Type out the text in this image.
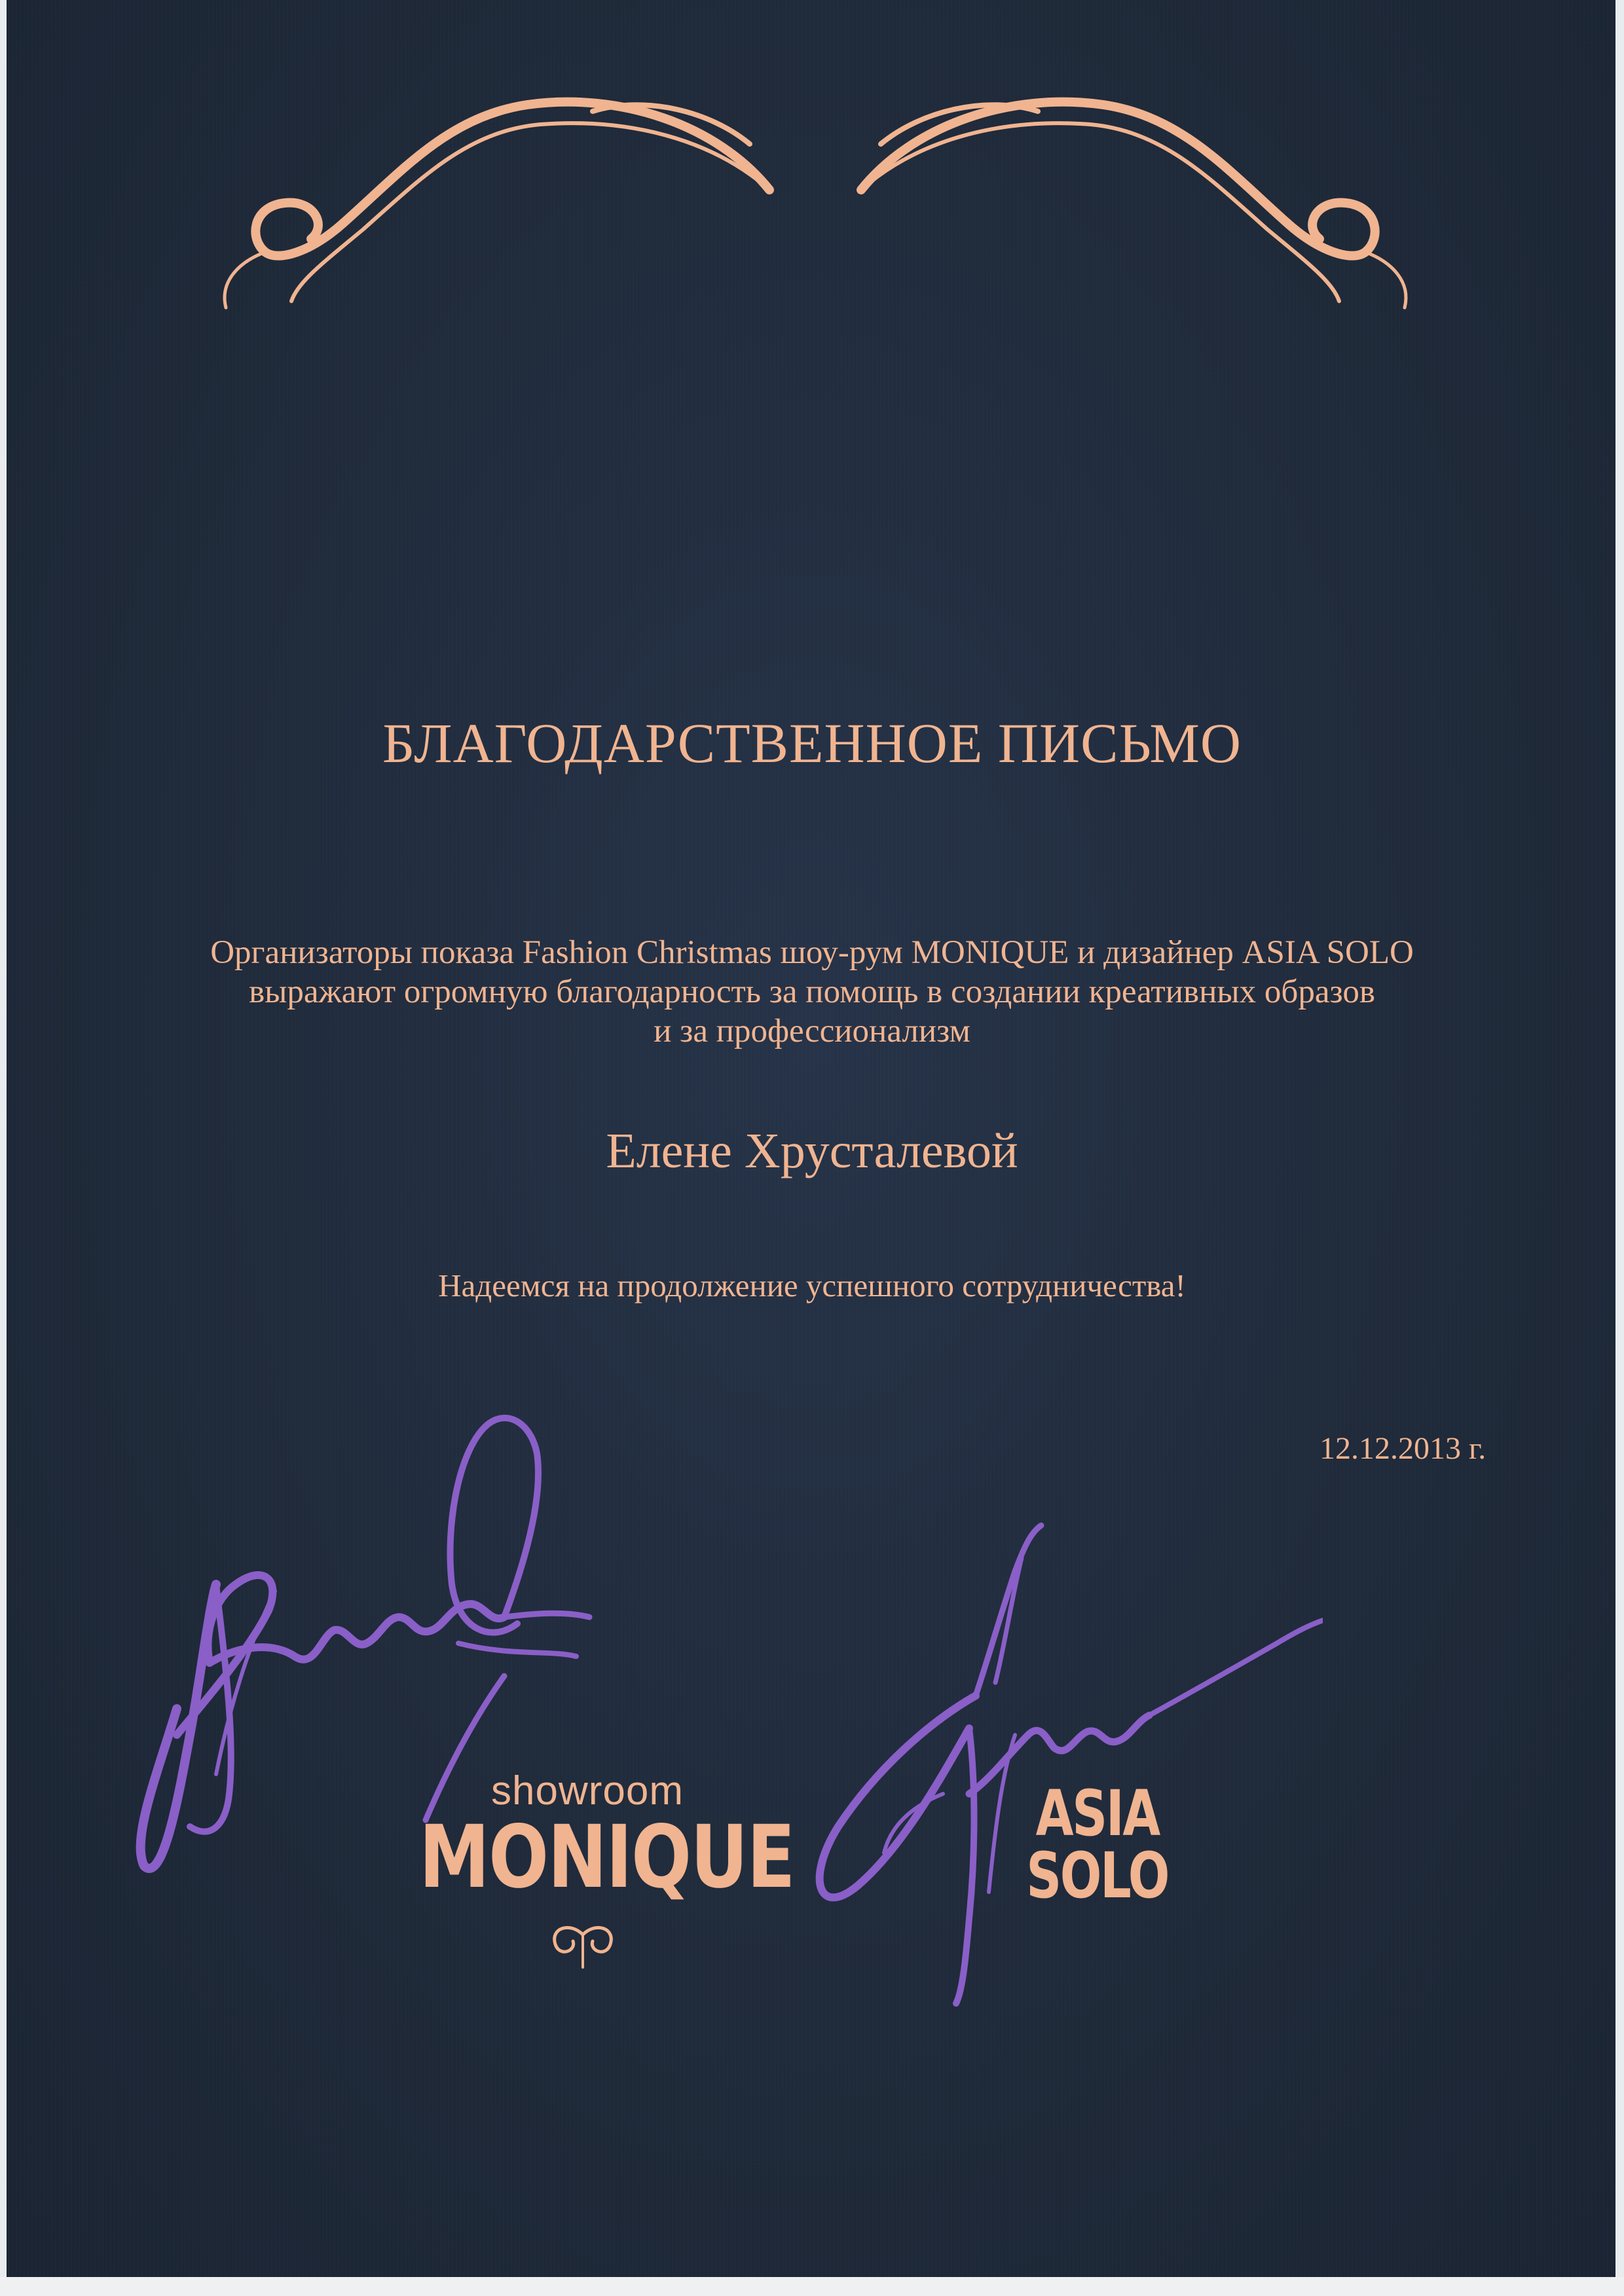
БЛАГОДАРСТВЕННОЕ ПИСЬМО
Организаторы показа Fashion Christmas шоу-рум MONIQUE и дизайнер ASIA SOLO
выражают огромную благодарность за помощь в создании креативных образов
и за профессионализм
Елене Хрусталевой
Надеемся на продолжение успешного сотрудничества!
12.12.2013 г.
showroom
MONIQUE	ASIA
SOLO
